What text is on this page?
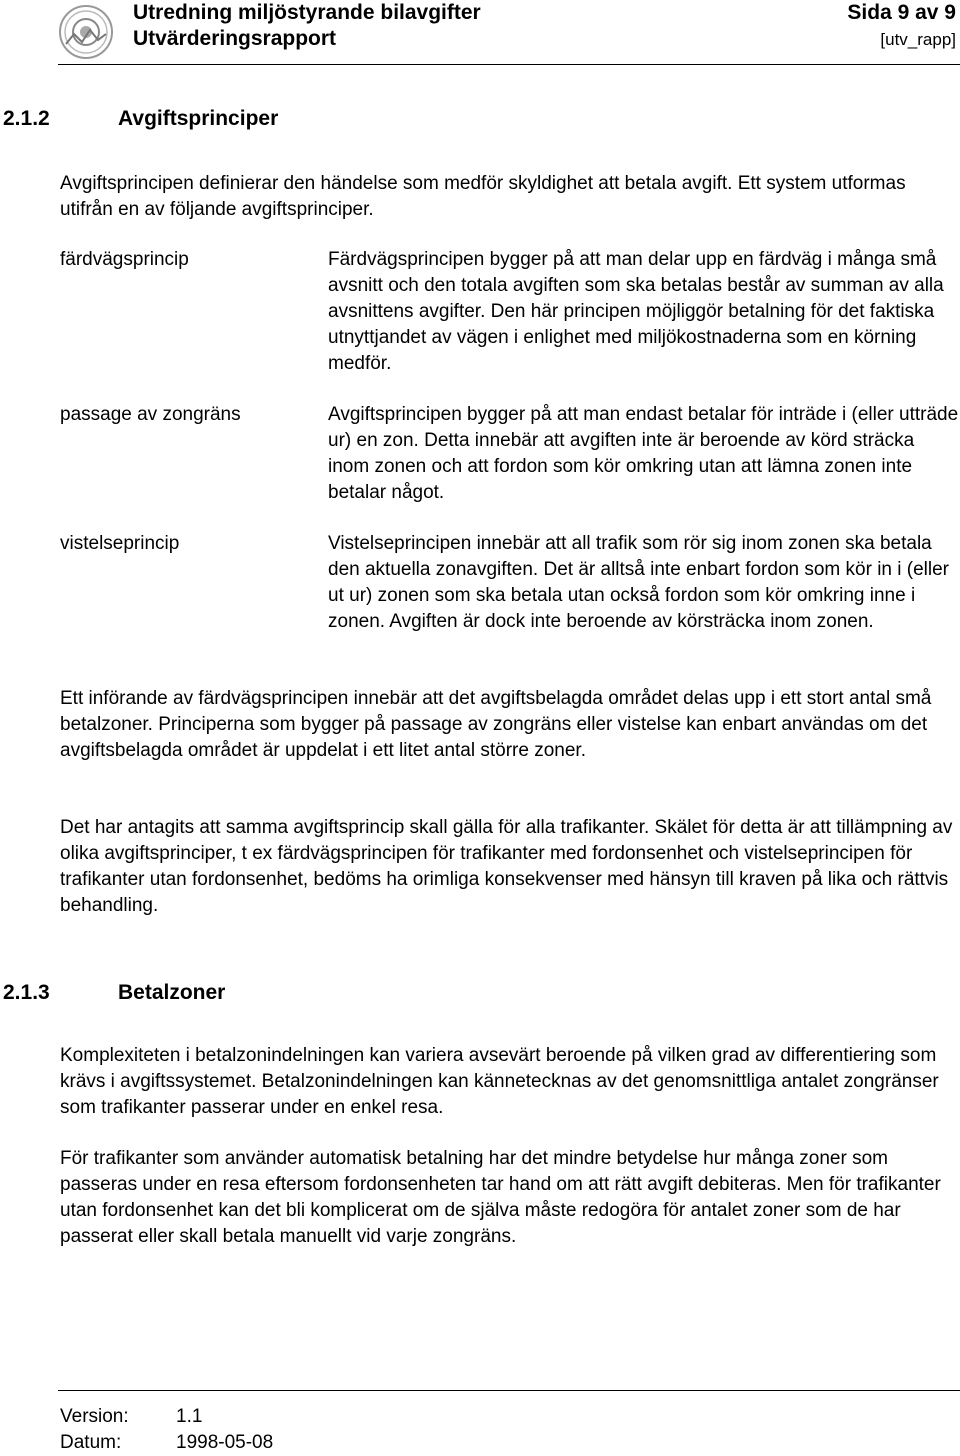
Utredning miljöstyrande bilavgifter
Utvärderingsrapport
Sida 9 av 9
[utv_rapp]
2.1.2	Avgiftsprinciper
Avgiftsprincipen definierar den händelse som medför skyldighet att betala avgift. Ett system utformas utifrån en av följande avgiftsprinciper.
färdvägsprincip	Färdvägsprincipen bygger på att man delar upp en färdväg i många små avsnitt och den totala avgiften som ska betalas består av summan av alla avsnittens avgifter. Den här principen möjliggör betalning för det faktiska utnyttjandet av vägen i enlighet med miljökostnaderna som en körning medför.
passage av zongräns	Avgiftsprincipen bygger på att man endast betalar för inträde i (eller utträde ur) en zon. Detta innebär att avgiften inte är beroende av körd sträcka inom zonen och att fordon som kör omkring utan att lämna zonen inte betalar något.
vistelseprincip	Vistelseprincipen innebär att all trafik som rör sig inom zonen ska betala den aktuella zonavgiften. Det är alltså inte enbart fordon som kör in i (eller ut ur) zonen som ska betala utan också fordon som kör omkring inne i zonen. Avgiften är dock inte beroende av körsträcka inom zonen.
Ett införande av färdvägsprincipen innebär att det avgiftsbelagda området delas upp i ett stort antal små betalzoner. Principerna som bygger på passage av zongräns eller vistelse kan enbart användas om det avgiftsbelagda området är uppdelat i ett litet antal större zoner.
Det har antagits att samma avgiftsprincip skall gälla för alla trafikanter. Skälet för detta är att tillämpning av olika avgiftsprinciper, t ex färdvägsprincipen för trafikanter med fordonsenhet och vistelseprincipen för trafikanter utan fordonsenhet, bedöms ha orimliga konsekvenser med hänsyn till kraven på lika och rättvis behandling.
2.1.3	Betalzoner
Komplexiteten i betalzonindelningen kan variera avsevärt beroende på vilken grad av differentiering som krävs i avgiftssystemet. Betalzonindelningen kan kännetecknas av det genomsnittliga antalet zongränser som trafikanter passerar under en enkel resa.
För trafikanter som använder automatisk betalning har det mindre betydelse hur många zoner som passeras under en resa eftersom fordonsenheten tar hand om att rätt avgift debiteras. Men för trafikanter utan fordonsenhet kan det bli komplicerat om de själva måste redogöra för antalet zoner som de har passerat eller skall betala manuellt vid varje zongräns.
Version: 1.1
Datum:	1998-05-08
